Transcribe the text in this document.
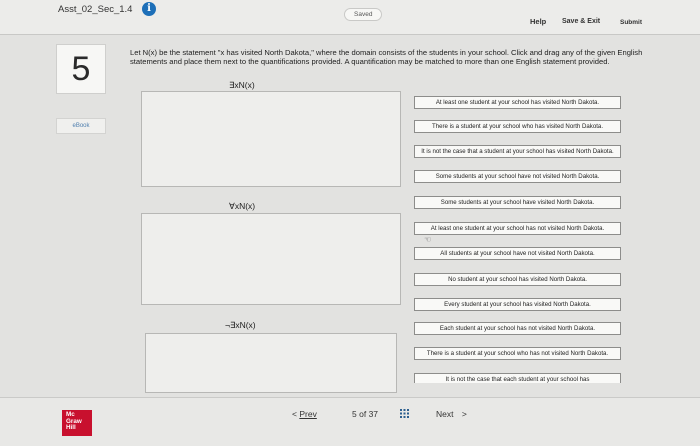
Asst_02_Sec_1.4	i
Saved
Help Save & Exit	Submit
5
eBook
Let N(x) be the statement "x has visited North Dakota," where the domain consists of the students in your school. Click and drag any of the given English statements and place them next to the quantifications provided. A quantification may be matched to more than one English statement provided.
∃xN(x)
∀xN(x)
¬∃xN(x)
At least one student at your school has visited North Dakota.
There is a student at your school who has visited North Dakota.
It is not the case that a student at your school has visited North Dakota.
Some students at your school have not visited North Dakota.
Some students at your school have visited North Dakota.
At least one student at your school has not visited North Dakota.
All students at your school have not visited North Dakota.
No student at your school has visited North Dakota.
Every student at your school has visited North Dakota.
Each student at your school has not visited North Dakota.
There is a student at your school who has not visited North Dakota.
It is not the case that each student at your school has
☜
Mc
Graw
Hill
< Prev	5 of 37	Next >
